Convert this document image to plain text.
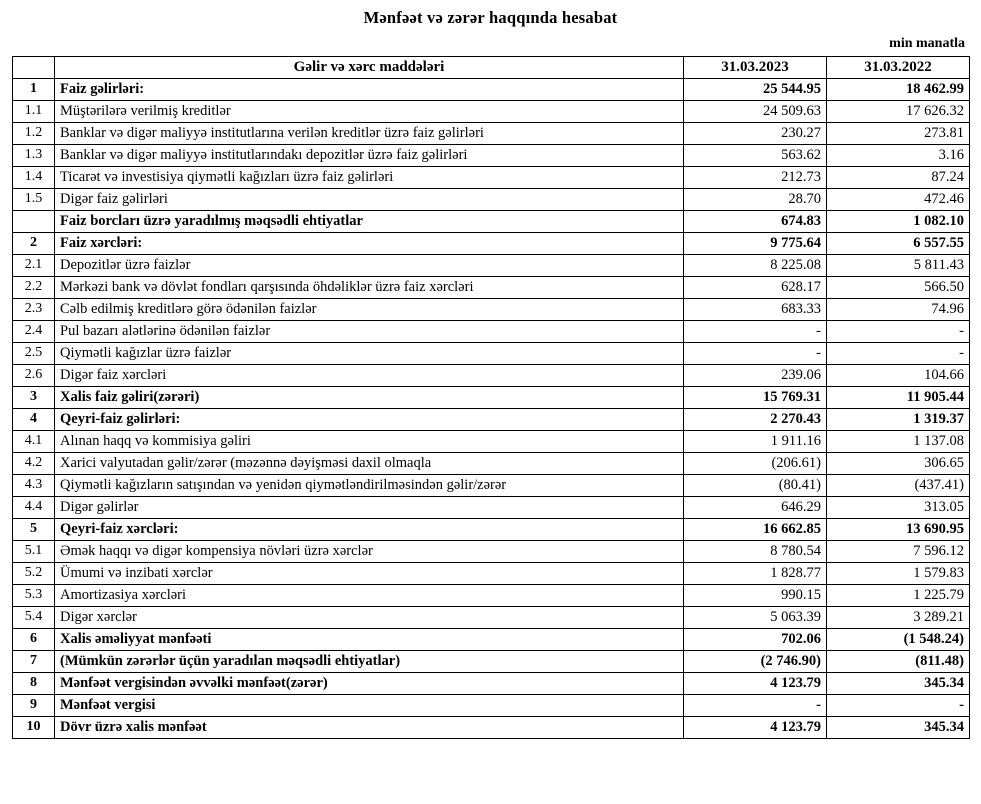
Mənfəət və zərər haqqında hesabat
min manatla
	Gəlir və xərc maddələri	31.03.2023	31.03.2022
1	Faiz gəlirləri:	25 544.95	18 462.99
1.1	Müştərilərə verilmiş kreditlər	24 509.63	17 626.32
1.2	Banklar və digər maliyyə institutlarına verilən kreditlər üzrə faiz gəlirləri	230.27	273.81
1.3	Banklar və digər maliyyə institutlarındakı depozitlər üzrə faiz gəlirləri	563.62	3.16
1.4	Ticarət və investisiya qiymətli kağızları üzrə faiz gəlirləri	212.73	87.24
1.5	Digər faiz gəlirləri	28.70	472.46
	Faiz borcları üzrə yaradılmış məqsədli ehtiyatlar	674.83	1 082.10
2	Faiz xərcləri:	9 775.64	6 557.55
2.1	Depozitlər üzrə faizlər	8 225.08	5 811.43
2.2	Mərkəzi bank və dövlət fondları qarşısında öhdəliklər üzrə faiz xərcləri	628.17	566.50
2.3	Cəlb edilmiş kreditlərə görə ödənilən faizlər	683.33	74.96
2.4	Pul bazarı alətlərinə ödənilən faizlər	-	-
2.5	Qiymətli kağızlar üzrə faizlər	-	-
2.6	Digər faiz xərcləri	239.06	104.66
3	Xalis faiz gəliri(zərəri)	15 769.31	11 905.44
4	Qeyri-faiz gəlirləri:	2 270.43	1 319.37
4.1	Alınan haqq və kommisiya gəliri	1 911.16	1 137.08
4.2	Xarici valyutadan gəlir/zərər (məzənnə dəyişməsi daxil olmaqla	(206.61)	306.65
4.3	Qiymətli kağızların satışından və yenidən qiymətləndirilməsindən gəlir/zərər	(80.41)	(437.41)
4.4	Digər gəlirlər	646.29	313.05
5	Qeyri-faiz xərcləri:	16 662.85	13 690.95
5.1	Əmək haqqı və digər kompensiya növləri üzrə xərclər	8 780.54	7 596.12
5.2	Ümumi və inzibati xərclər	1 828.77	1 579.83
5.3	Amortizasiya xərcləri	990.15	1 225.79
5.4	Digər xərclər	5 063.39	3 289.21
6	Xalis əməliyyat mənfəəti	702.06	(1 548.24)
7	(Mümkün zərərlər üçün yaradılan məqsədli ehtiyatlar)	(2 746.90)	(811.48)
8	Mənfəət vergisindən əvvəlki mənfəət(zərər)	4 123.79	345.34
9	Mənfəət vergisi	-	-
10	Dövr üzrə xalis mənfəət	4 123.79	345.34
